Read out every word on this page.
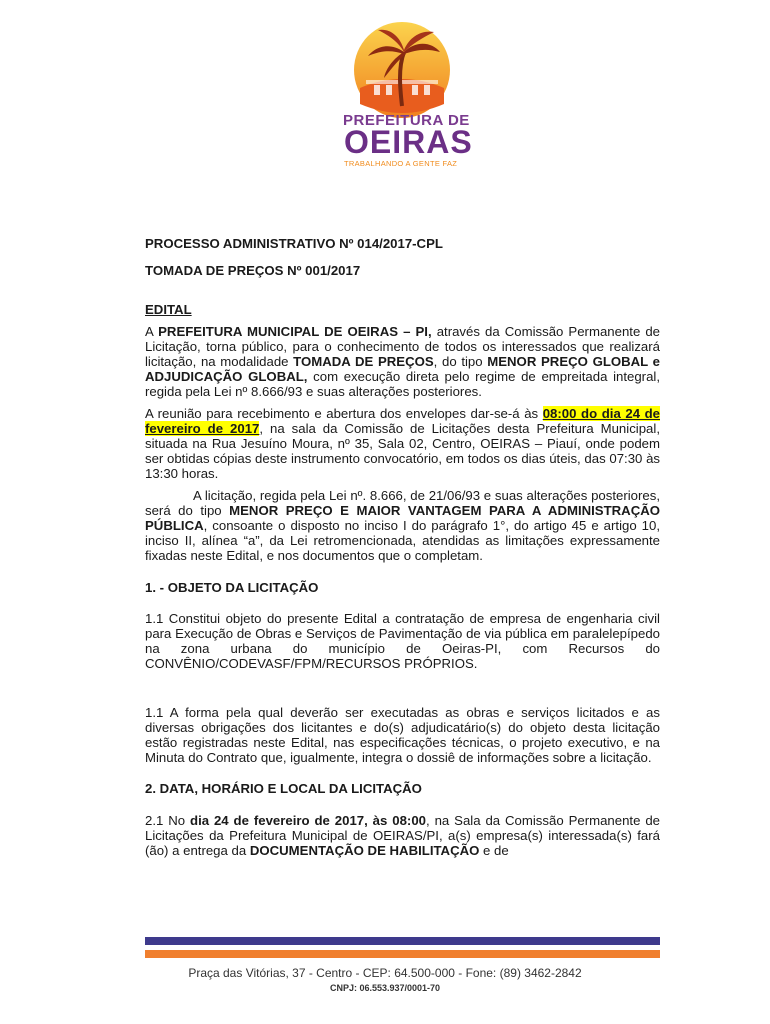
PREFEITURA DE
OEIRAS
TRABALHANDO A GENTE FAZ

PROCESSO ADMINISTRATIVO Nº 014/2017-CPL

TOMADA DE PREÇOS Nº 001/2017

EDITAL

A PREFEITURA MUNICIPAL DE OEIRAS – PI, através da Comissão Permanente de Licitação, torna público, para o conhecimento de todos os interessados que realizará licitação, na modalidade TOMADA DE PREÇOS, do tipo MENOR PREÇO GLOBAL e ADJUDICAÇÃO GLOBAL, com execução direta pelo regime de empreitada integral, regida pela Lei nº 8.666/93 e suas alterações posteriores.

A reunião para recebimento e abertura dos envelopes dar-se-á às 08:00 do dia 24 de fevereiro de 2017, na sala da Comissão de Licitações desta Prefeitura Municipal, situada na Rua Jesuíno Moura, nº 35, Sala 02, Centro, OEIRAS – Piauí, onde podem ser obtidas cópias deste instrumento convocatório, em todos os dias úteis, das 07:30 às 13:30 horas.

A licitação, regida pela Lei nº. 8.666, de 21/06/93 e suas alterações posteriores, será do tipo MENOR PREÇO E MAIOR VANTAGEM PARA A ADMINISTRAÇÃO PÚBLICA, consoante o disposto no inciso I do parágrafo 1°, do artigo 45 e artigo 10, inciso II, alínea “a”, da Lei retromencionada, atendidas as limitações expressamente fixadas neste Edital, e nos documentos que o completam.

1. - OBJETO DA LICITAÇÃO

1.1 Constitui objeto do presente Edital a contratação de empresa de engenharia civil para Execução de Obras e Serviços de Pavimentação de via pública em paralelepípedo na zona urbana do município de Oeiras-PI, com Recursos do CONVÊNIO/CODEVASF/FPM/RECURSOS PRÓPRIOS.

1.1 A forma pela qual deverão ser executadas as obras e serviços licitados e as diversas obrigações dos licitantes e do(s) adjudicatário(s) do objeto desta licitação estão registradas neste Edital, nas especificações técnicas, o projeto executivo, e na Minuta do Contrato que, igualmente, integra o dossiê de informações sobre a licitação.

2. DATA, HORÁRIO E LOCAL DA LICITAÇÃO

2.1 No dia 24 de fevereiro de 2017, às 08:00, na Sala da Comissão Permanente de Licitações da Prefeitura Municipal de OEIRAS/PI, a(s) empresa(s) interessada(s) fará (ão) a entrega da DOCUMENTAÇÃO DE HABILITAÇÃO e de

Praça das Vitórias, 37 - Centro - CEP: 64.500-000 - Fone: (89) 3462-2842
CNPJ: 06.553.937/0001-70
